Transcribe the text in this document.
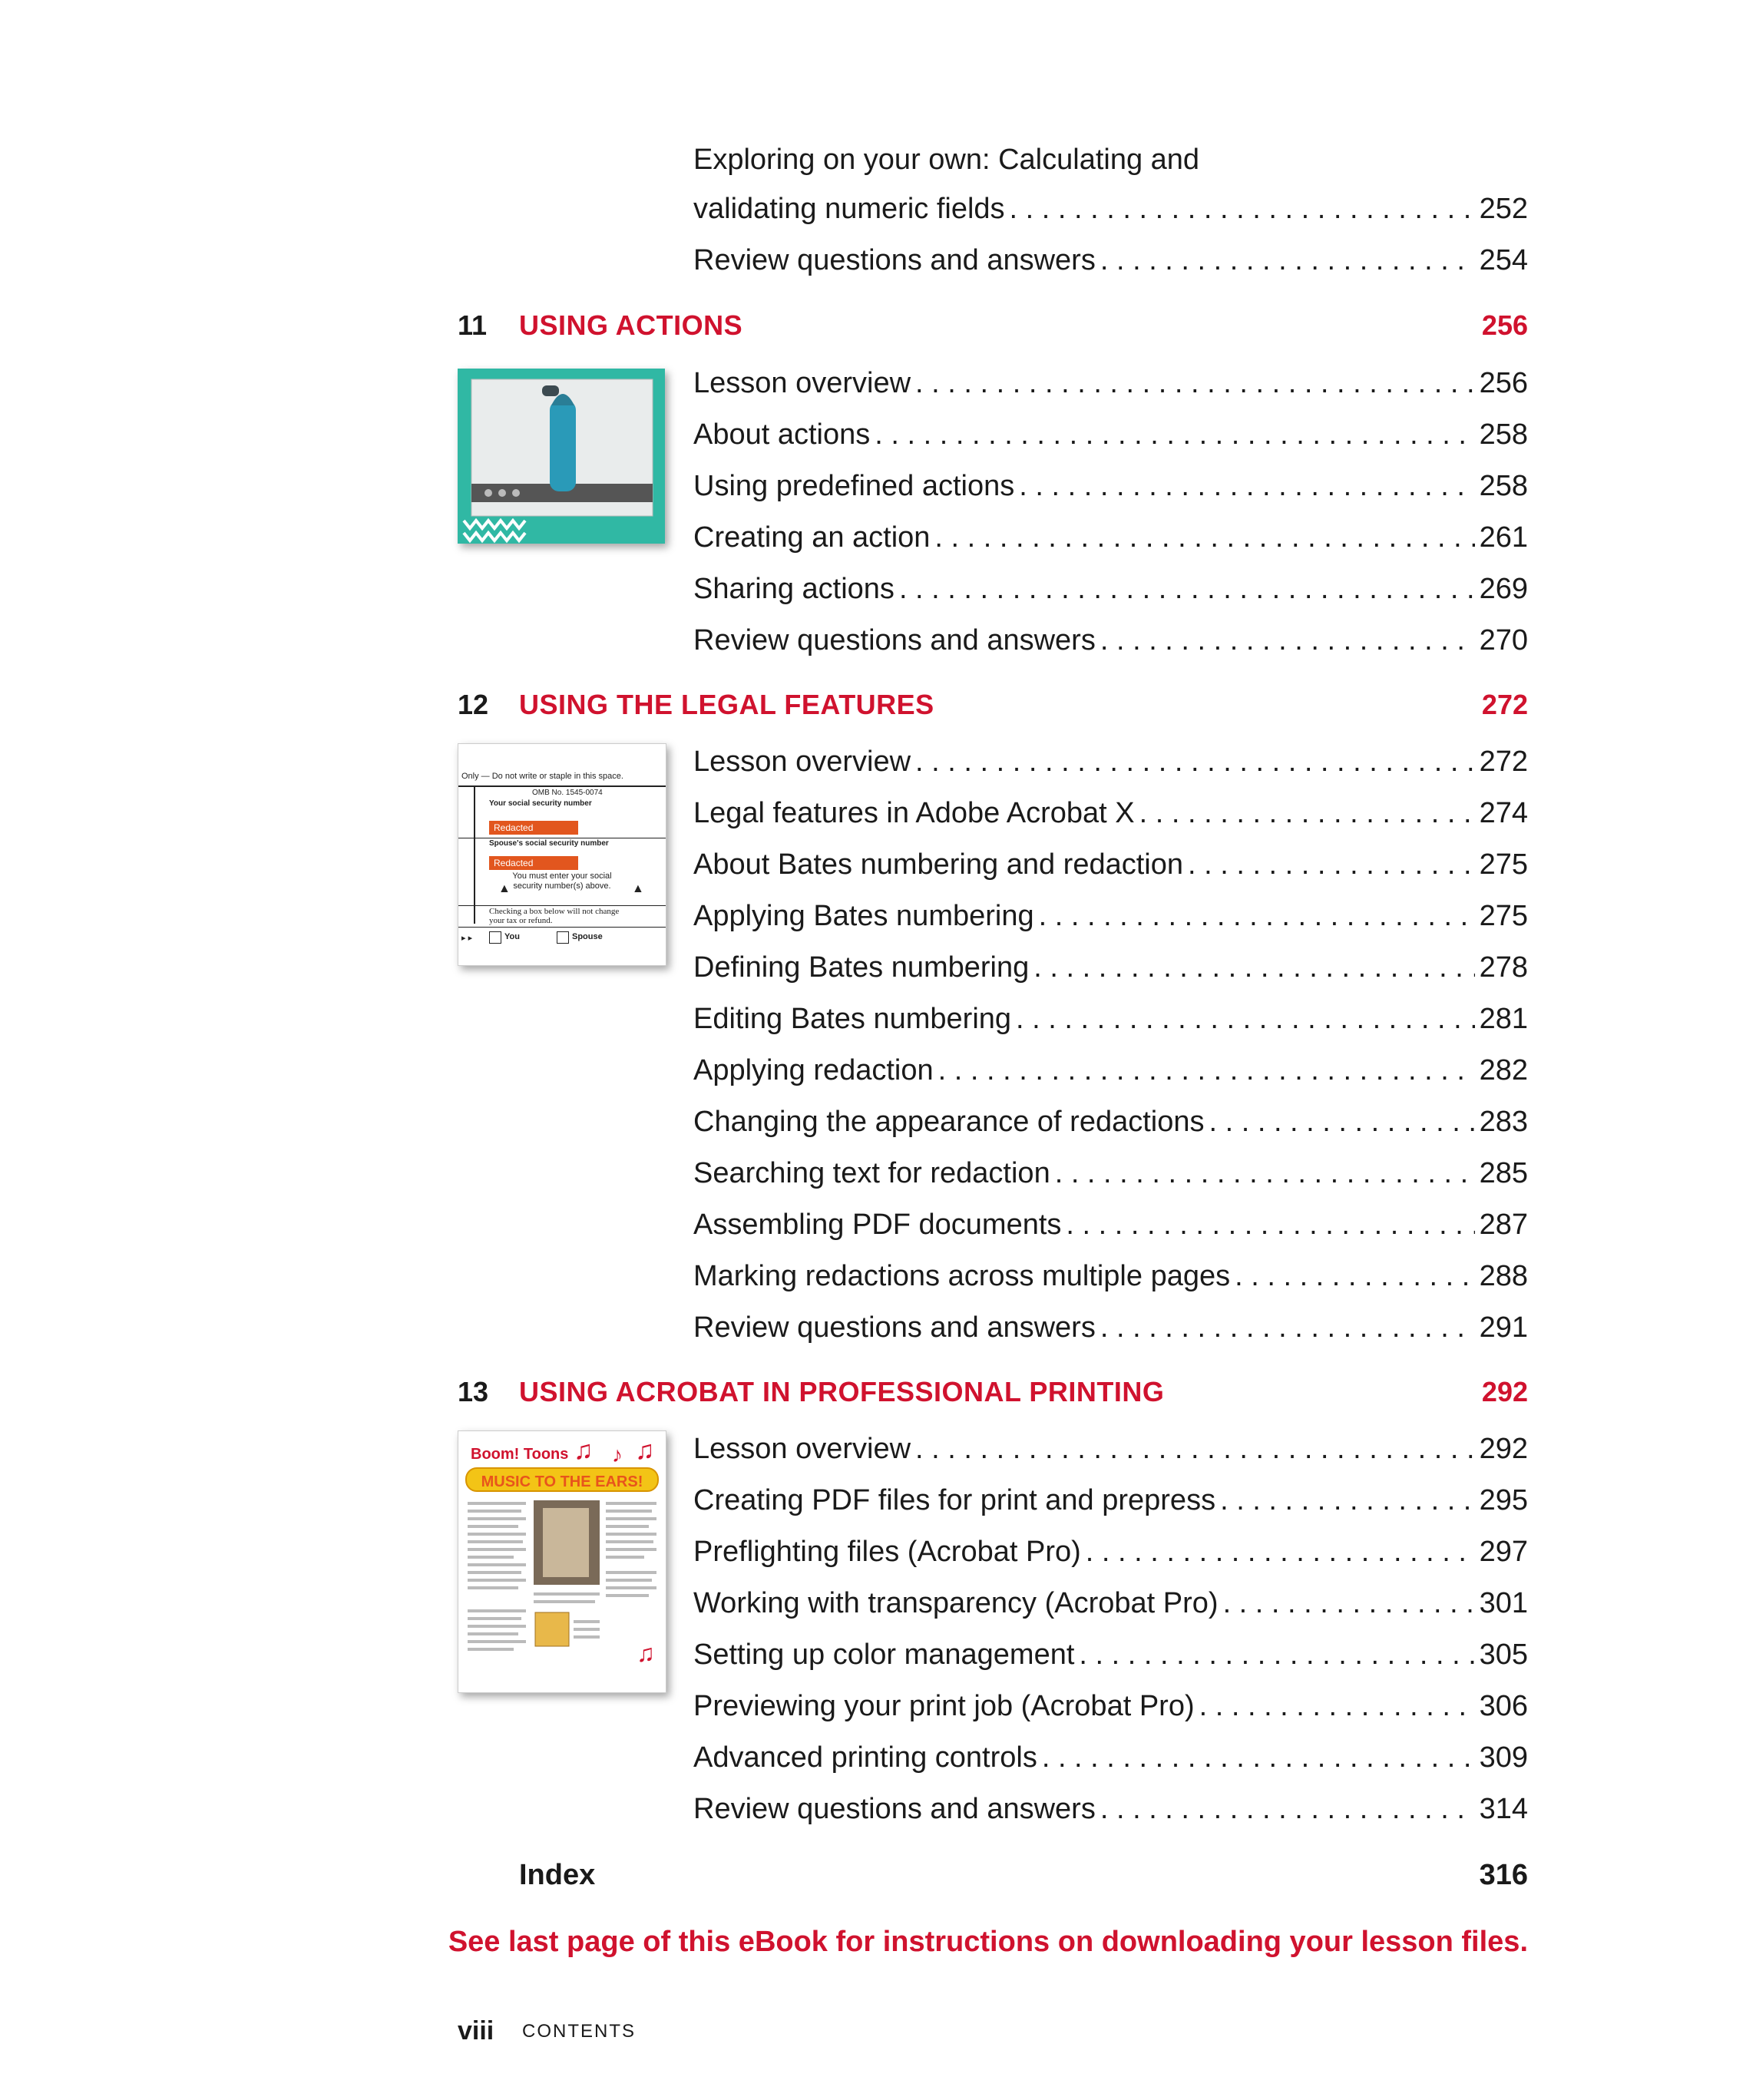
Exploring on your own: Calculating and
validating numeric fields . . .	252
Review questions and answers . . .	254
11	USING ACTIONS	256
Lesson overview . . .	256
About actions . . .	258
Using predefined actions . . .	258
Creating an action . . .	261
Sharing actions . . .	269
Review questions and answers . . .	270
12	USING THE LEGAL FEATURES	272
Only — Do not write or staple in this space.
OMB No. 1545-0074
Your social security number
Redacted
Spouse's social security number
Redacted
You must enter your social security number(s) above.
▲	▲
Checking a box below will not change your tax or refund.
▸ ▸	You	Spouse
Lesson overview . . .	272
Legal features in Adobe Acrobat X . . .	274
About Bates numbering and redaction . . .	275
Applying Bates numbering . . .	275
Defining Bates numbering . . .	278
Editing Bates numbering . . .	281
Applying redaction . . .	282
Changing the appearance of redactions . . .	283
Searching text for redaction . . .	285
Assembling PDF documents . . .	287
Marking redactions across multiple pages . . .	288
Review questions and answers . . .	291
13	USING ACROBAT IN PROFESSIONAL PRINTING	292
MUSIC TO THE EARS!
Boom! Toons ♫ ♪ ♫
♫
Lesson overview . . .	292
Creating PDF files for print and prepress . . .	295
Preflighting files (Acrobat Pro) . . .	297
Working with transparency (Acrobat Pro) . . .	301
Setting up color management . . .	305
Previewing your print job (Acrobat Pro) . . .	306
Advanced printing controls . . .	309
Review questions and answers . . .	314
Index	316
See last page of this eBook for instructions on downloading your lesson files.
viii CONTENTS
